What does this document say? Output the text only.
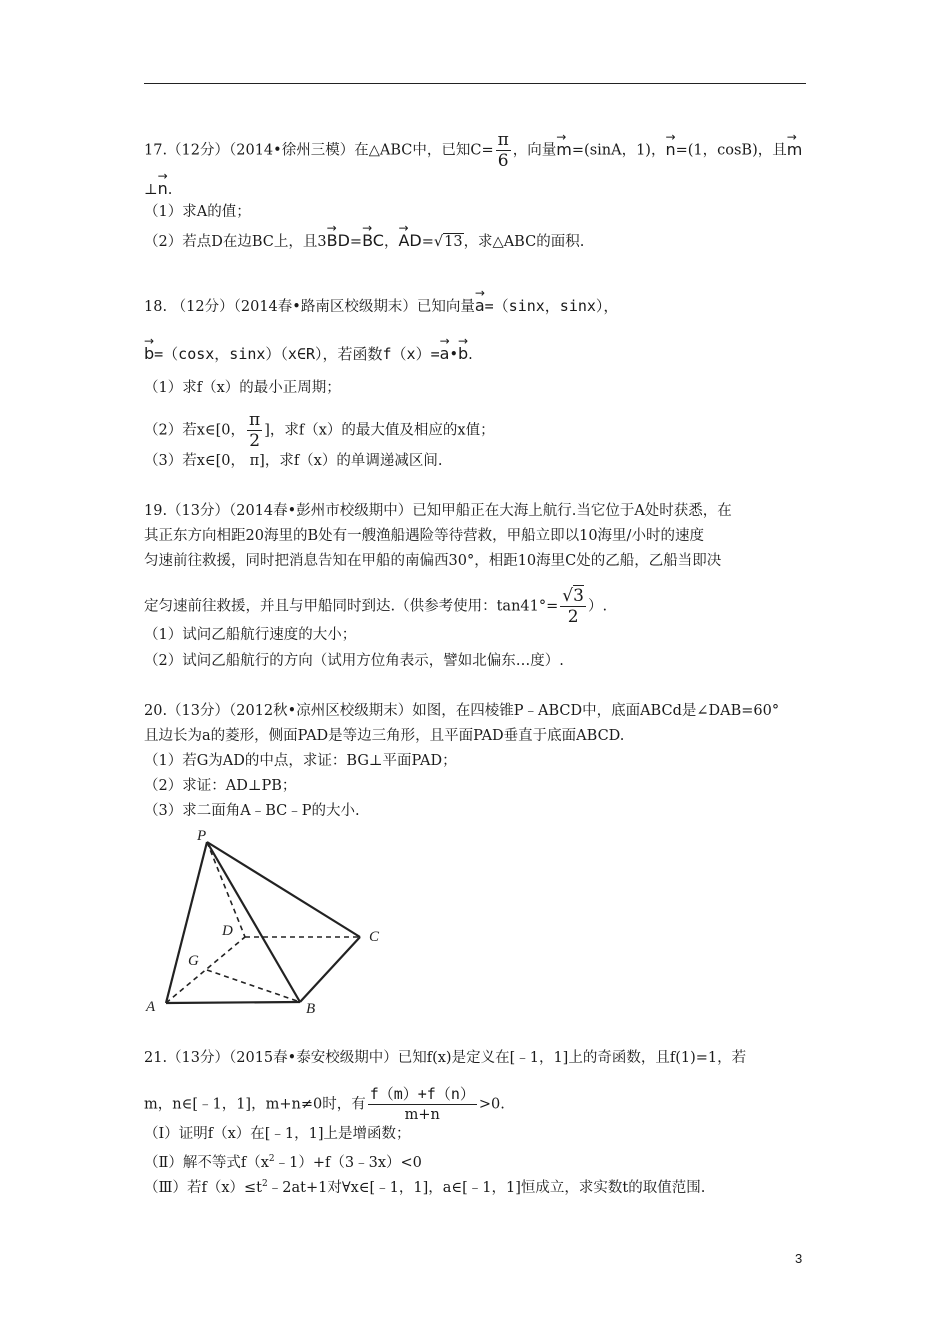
17.（12分）（2014•徐州三模）在△ABC中，已知$C= \frac{\pi}{6}$ ，向量→ m=(sinA，1)，→ n=(1，cosB)，且→ m
⊥→ n.
（1）求A的值；
（2）若点D在边BC上，且3→ BD=→ BC，→ AD=√13，求△ABC的面积.
18. （12分）（2014春•路南区校级期末）已知向量→ a=（sinx，sinx），
→ b=（cosx，sinx）（x∈R），若函数f（x）=→ a•→ b.
（1）求f（x）的最小正周期；
（2）若x∈[0， $\frac{\pi}{2}$ ]，求f（x）的最大值及相应的x值；
（3）若x∈[0， π]，求f（x）的单调递减区间.
19.（13分）（2014春•彭州市校级期中）已知甲船正在大海上航行.当它位于A处时获悉，在
其正东方向相距20海里的B处有一艘渔船遇险等待营救，甲船立即以10海里/小时的速度
匀速前往救援，同时把消息告知在甲船的南偏西30°，相距10海里C处的乙船，乙船当即决
定匀速前往救援，并且与甲船同时到达.（供参考使用：$\tan 41^\circ= \frac{√3}{2}$ ）.
（1）试问乙船航行速度的大小；
（2）试问乙船航行的方向（试用方位角表示，譬如北偏东…度）.
20.（13分）（2012秋•凉州区校级期末）如图，在四棱锥P﹣ABCD中，底面ABCd是∠DAB=60°
且边长为a的菱形，侧面PAD是等边三角形，且平面PAD垂直于底面ABCD.
（1）若G为AD的中点，求证：BG⊥平面PAD；
（2）求证：AD⊥PB；
（3）求二面角A﹣BC﹣P的大小.
P
D	C
G
A	B
21.（13分）（2015春•泰安校级期中）已知f(x)是定义在[﹣1，1]上的奇函数，且f(1)=1，若
m，n∈[﹣1，1]，m+n≠0时，有 $\frac{f(m)+f(n)}{m+n} >0$.
（Ⅰ）证明f（x）在[﹣1，1]上是增函数；
（Ⅱ）解不等式$f(x^2﹣1)+f(3﹣3x)<0$
（Ⅲ）若$f(x)\le t^2﹣2at+1$对∀x∈[﹣1，1]，a∈[﹣1，1]恒成立，求实数t的取值范围.
3
